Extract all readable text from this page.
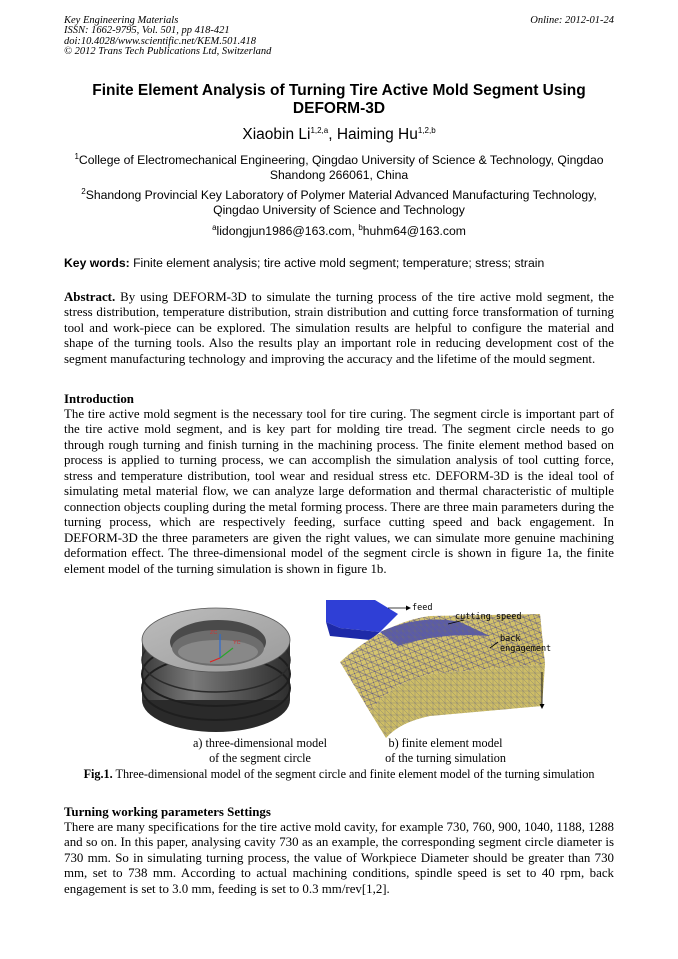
Key Engineering Materials
ISSN: 1662-9795, Vol. 501, pp 418-421
doi:10.4028/www.scientific.net/KEM.501.418
© 2012 Trans Tech Publications Ltd, Switzerland
Online: 2012-01-24
Finite Element Analysis of Turning Tire Active Mold Segment Using DEFORM-3D
Xiaobin Li$^{1,2,a}$, Haiming Hu$^{1,2,b}$
$^1$College of Electromechanical Engineering, Qingdao University of Science & Technology, Qingdao Shandong 266061, China
$^2$Shandong Provincial Key Laboratory of Polymer Material Advanced Manufacturing Technology, Qingdao University of Science and Technology
$^a$lidongjun1986@163.com, $^b$huhm64@163.com
Key words: Finite element analysis; tire active mold segment; temperature; stress; strain
Abstract. By using DEFORM-3D to simulate the turning process of the tire active mold segment, the stress distribution, temperature distribution, strain distribution and cutting force transformation of turning tool and work-piece can be explored. The simulation results are helpful to configure the material and shape of the turning tools. Also the results play an important role in reducing development cost of the segment manufacturing technology and improving the accuracy and the lifetime of the mould segment.
Introduction
The tire active mold segment is the necessary tool for tire curing. The segment circle is important part of the tire active mold segment, and is key part for molding tire tread. The segment circle needs to go through rough turning and finish turning in the machining process. The finite element method based on process is applied to turning process, we can accomplish the simulation analysis of tool cutting force, stress and temperature distribution, tool wear and residual stress etc. DEFORM-3D is the ideal tool of simulating metal material flow, we can analyze large deformation and thermal characteristic of multiple connection objects coupling during the metal forming process. There are three main parameters during the turning process, which are respectively feeding, surface cutting speed and back engagement. In DEFORM-3D the three parameters are given the right values, we can simulate more genuine machining deformation effect. The three-dimensional model of the segment circle is shown in figure 1a, the finite element model of the turning simulation is shown in figure 1b.
ZC
YC
feed
cutting speed
back
engagement
a) three-dimensional model
of the segment circle
b) finite element model
of the turning simulation
Fig.1. Three-dimensional model of the segment circle and finite element model of the turning simulation
Turning working parameters Settings
There are many specifications for the tire active mold cavity, for example 730, 760, 900, 1040, 1188, 1288 and so on. In this paper, analysing cavity 730 as an example, the corresponding segment circle diameter is 730 mm. So in simulating turning process, the value of Workpiece Diameter should be greater than 730 mm, set to 738 mm. According to actual machining conditions, spindle speed is set to 40 rpm, back engagement is set to 3.0 mm, feeding is set to 0.3 mm/rev[1,2].
